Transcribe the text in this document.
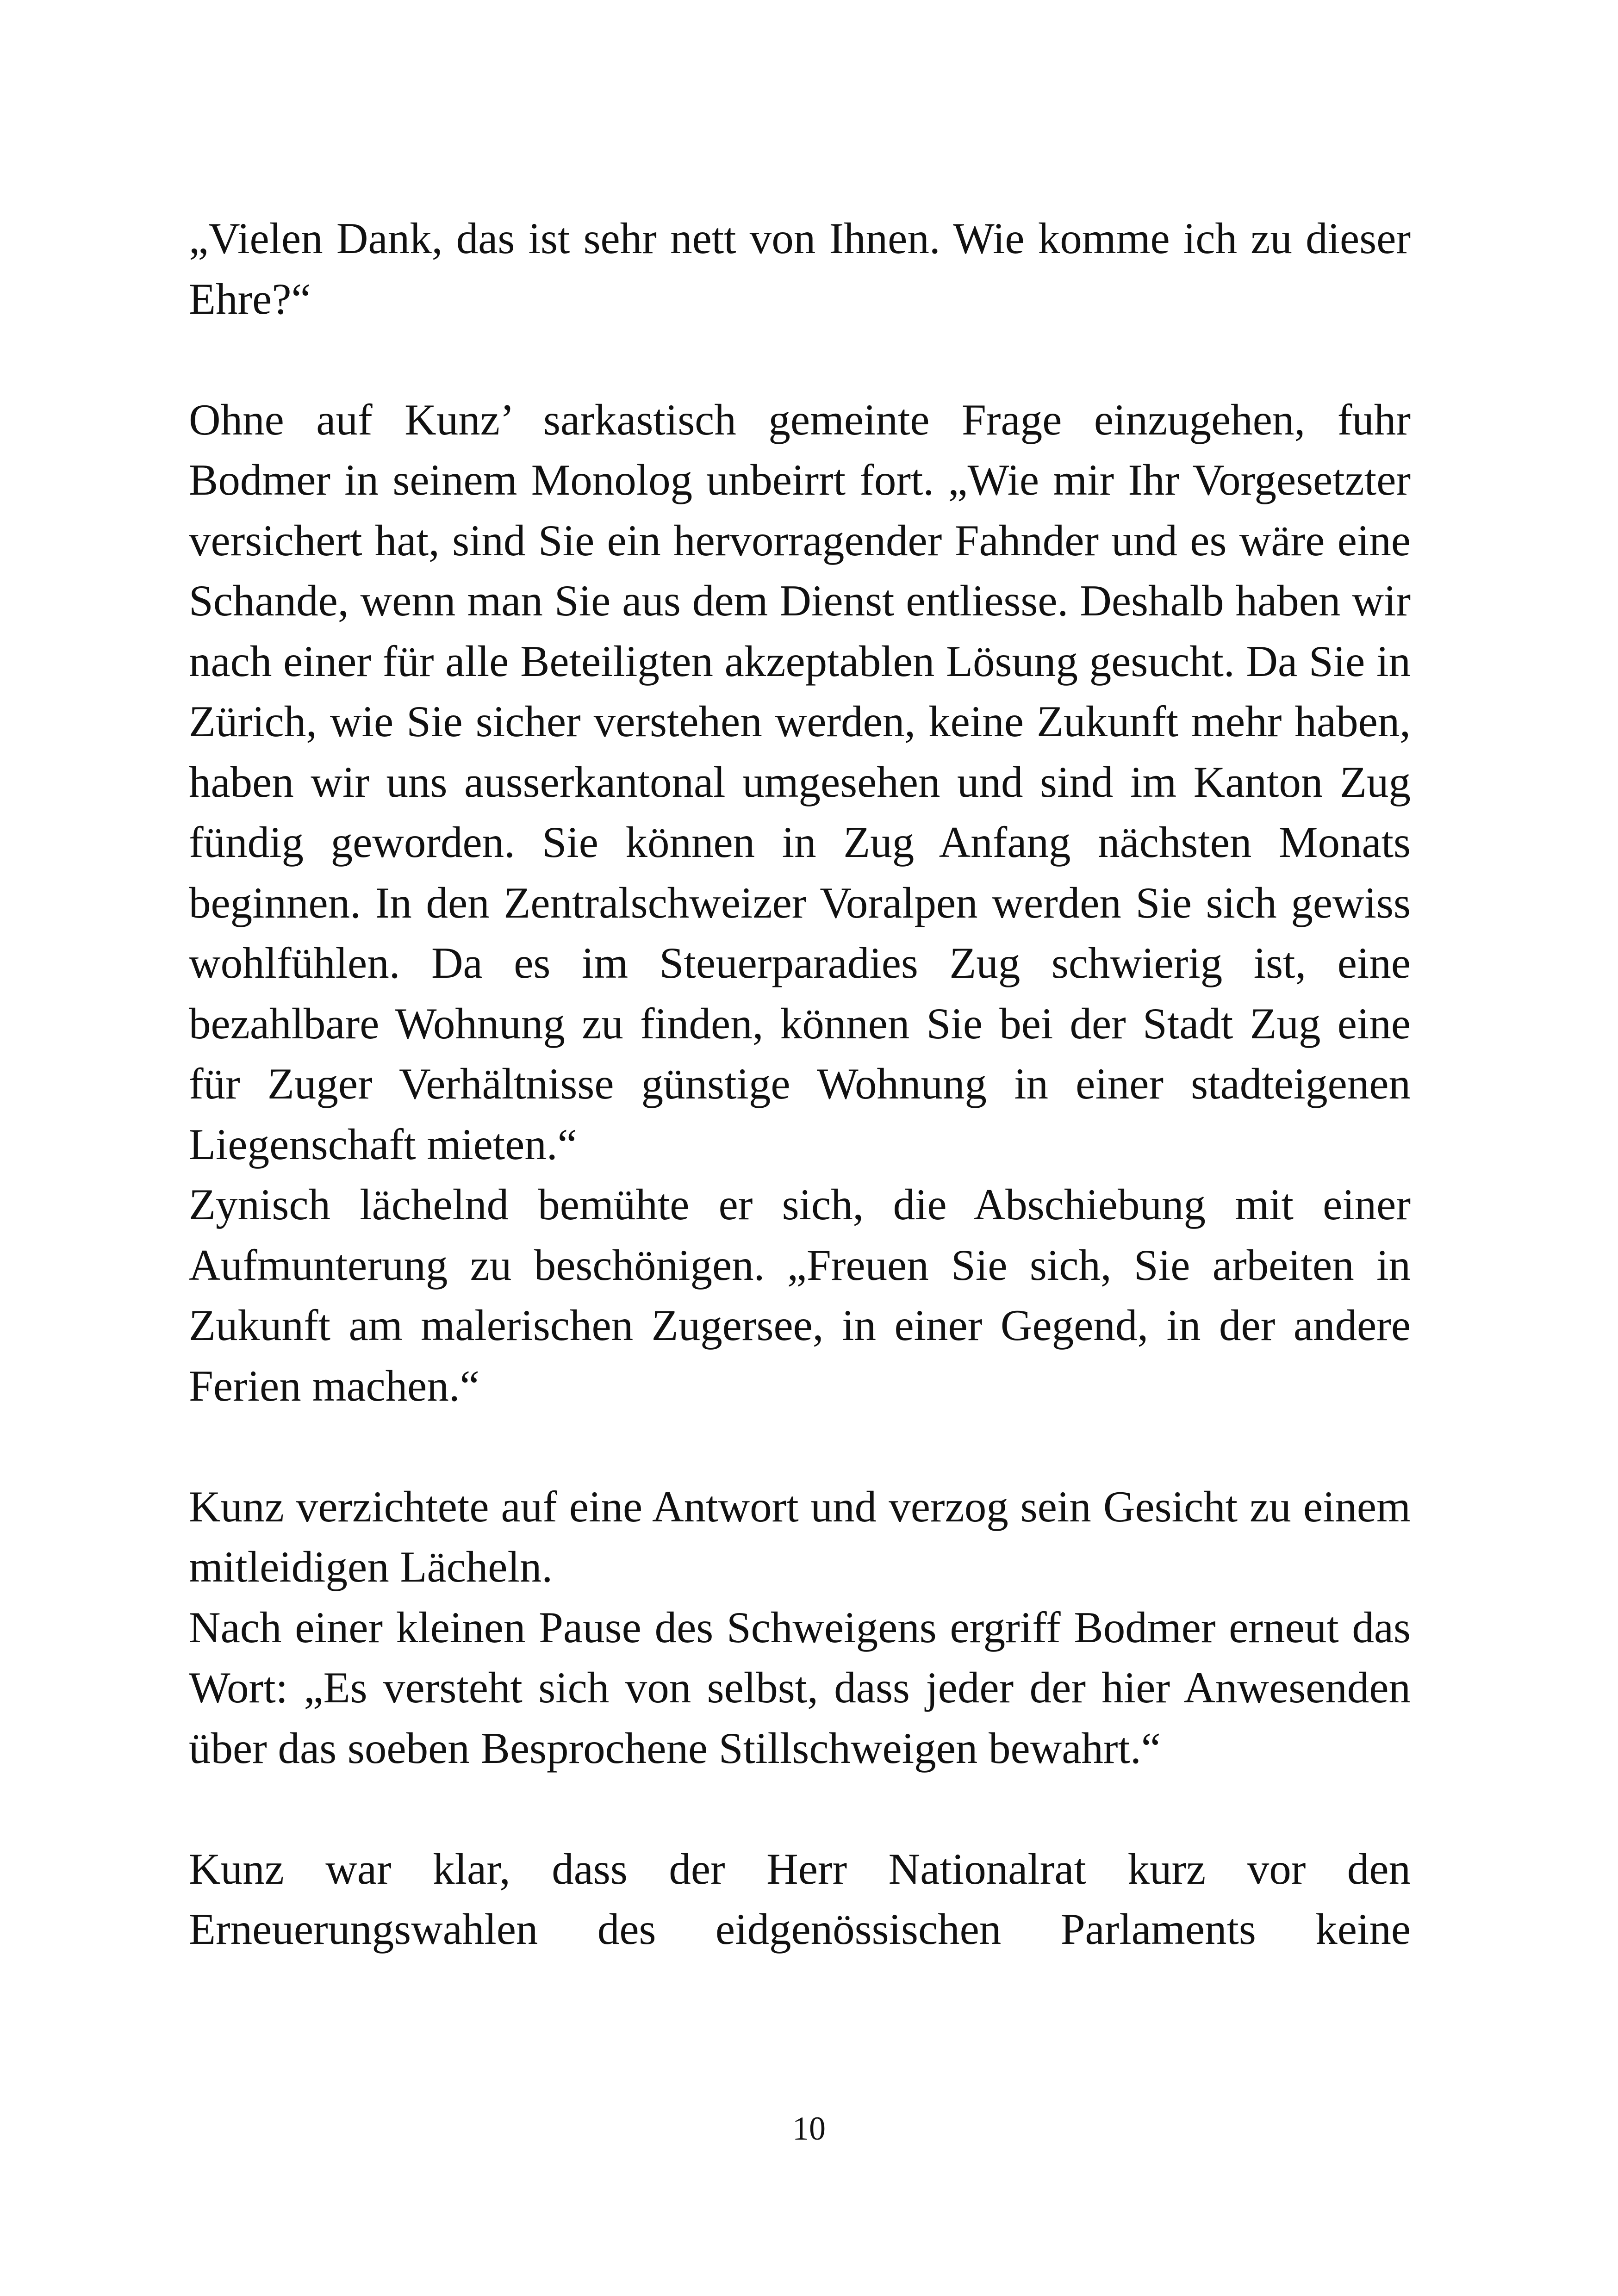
„Vielen Dank, das ist sehr nett von Ihnen. Wie komme ich zu dieser Ehre?“

Ohne auf Kunz’ sarkastisch gemeinte Frage einzugehen, fuhr Bodmer in seinem Monolog unbeirrt fort. „Wie mir Ihr Vorgesetzter versichert hat, sind Sie ein hervorragender Fahnder und es wäre eine Schande, wenn man Sie aus dem Dienst entliesse. Deshalb haben wir nach einer für alle Beteiligten akzeptablen Lösung gesucht. Da Sie in Zürich, wie Sie sicher verstehen werden, keine Zukunft mehr haben, haben wir uns ausserkantonal umgesehen und sind im Kanton Zug fündig geworden. Sie können in Zug Anfang nächsten Monats beginnen. In den Zentralschweizer Voralpen werden Sie sich gewiss wohlfühlen. Da es im Steuerparadies Zug schwierig ist, eine bezahlbare Wohnung zu finden, können Sie bei der Stadt Zug eine für Zuger Verhältnisse günstige Wohnung in einer stadteigenen Liegenschaft mieten.“

Zynisch lächelnd bemühte er sich, die Abschiebung mit einer Aufmunterung zu beschönigen. „Freuen Sie sich, Sie arbeiten in Zukunft am malerischen Zugersee, in einer Gegend, in der andere Ferien machen.“

Kunz verzichtete auf eine Antwort und verzog sein Gesicht zu einem mitleidigen Lächeln.

Nach einer kleinen Pause des Schweigens ergriff Bodmer erneut das Wort: „Es versteht sich von selbst, dass jeder der hier Anwesenden über das soeben Besprochene Stillschweigen bewahrt.“

Kunz war klar, dass der Herr Nationalrat kurz vor den Erneuerungswahlen des eidgenössischen Parlaments keine

10
